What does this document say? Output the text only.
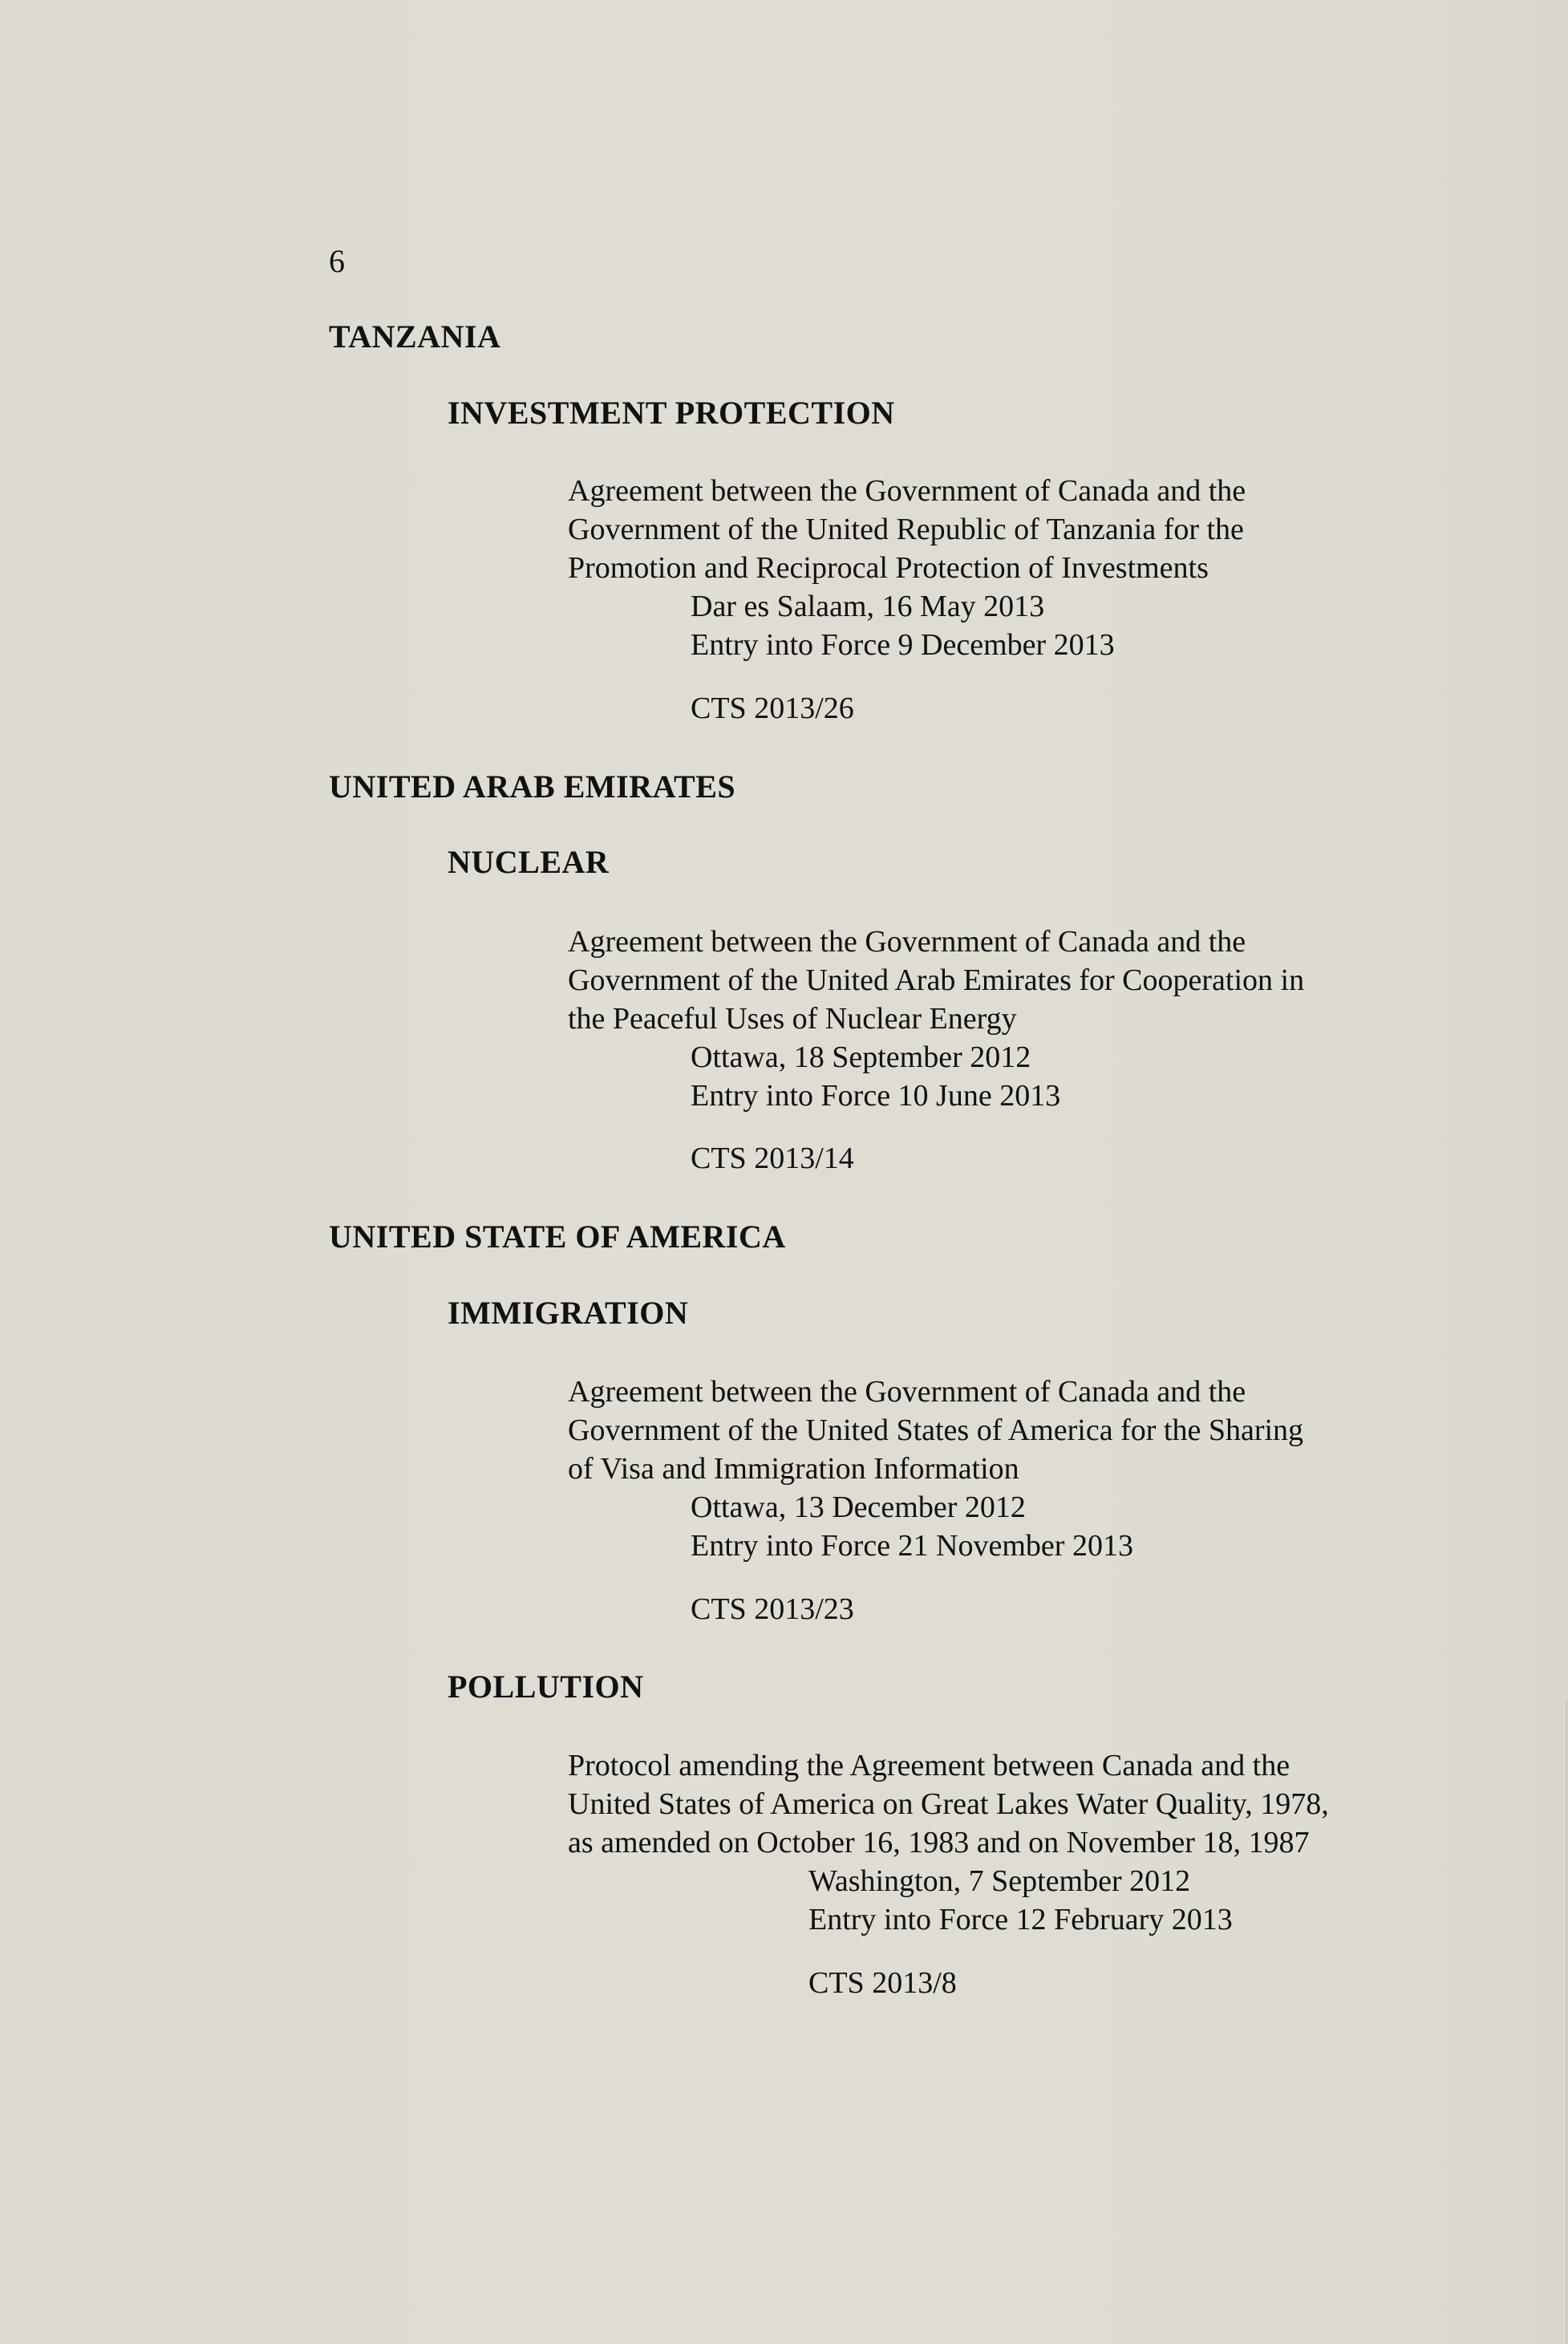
6
TANZANIA
INVESTMENT PROTECTION
Agreement between the Government of Canada and the
Government of the United Republic of Tanzania for the
Promotion and Reciprocal Protection of Investments
Dar es Salaam, 16 May 2013
Entry into Force 9 December 2013
CTS 2013/26
UNITED ARAB EMIRATES
NUCLEAR
Agreement between the Government of Canada and the
Government of the United Arab Emirates for Cooperation in
the Peaceful Uses of Nuclear Energy
Ottawa, 18 September 2012
Entry into Force 10 June 2013
CTS 2013/14
UNITED STATE OF AMERICA
IMMIGRATION
Agreement between the Government of Canada and the
Government of the United States of America for the Sharing
of Visa and Immigration Information
Ottawa, 13 December 2012
Entry into Force 21 November 2013
CTS 2013/23
POLLUTION
Protocol amending the Agreement between Canada and the
United States of America on Great Lakes Water Quality, 1978,
as amended on October 16, 1983 and on November 18, 1987
Washington, 7 September 2012
Entry into Force 12 February 2013
CTS 2013/8
